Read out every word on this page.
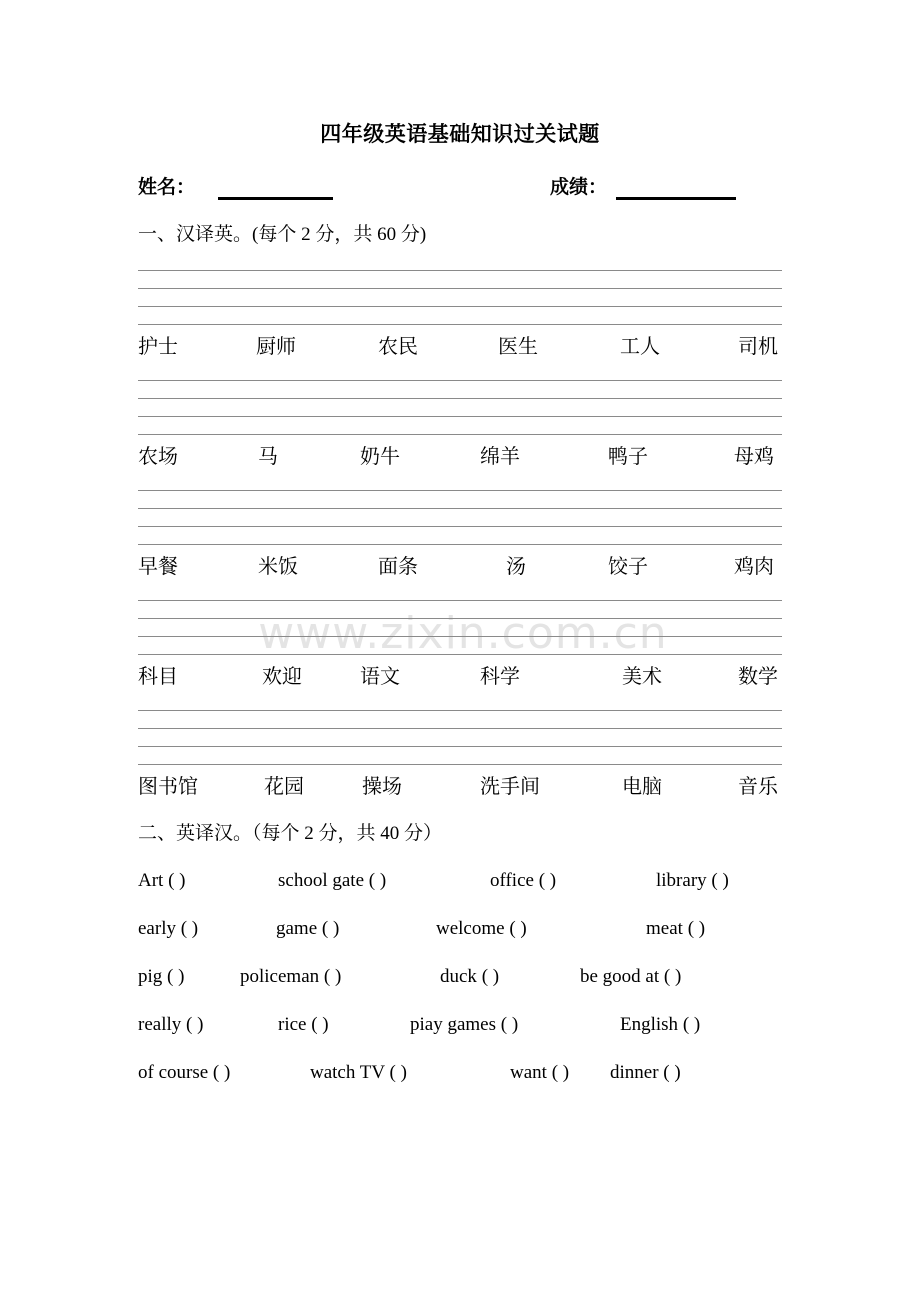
www.zixin.com.cn
四年级英语基础知识过关试题
姓名：	成绩：
一、汉译英。(每个 2 分，共 60 分)
护士	厨师	农民	医生	工人	司机
农场	马	奶牛	绵羊	鸭子	母鸡
早餐	米饭	面条	汤	饺子	鸡肉
科目	欢迎	语文	科学	美术	数学
图书馆	花园	操场	洗手间	电脑	音乐
二、英译汉。（每个 2 分，共 40 分）
Art ( )	school gate ( )	office ( )	library ( )
early ( )	game ( )	welcome ( )	meat ( )
pig ( )	policeman ( )	duck ( )	be good at ( )
really ( )	rice ( )	piay games ( )	English ( )
of course ( )	watch TV ( )	want ( ) dinner ( )
